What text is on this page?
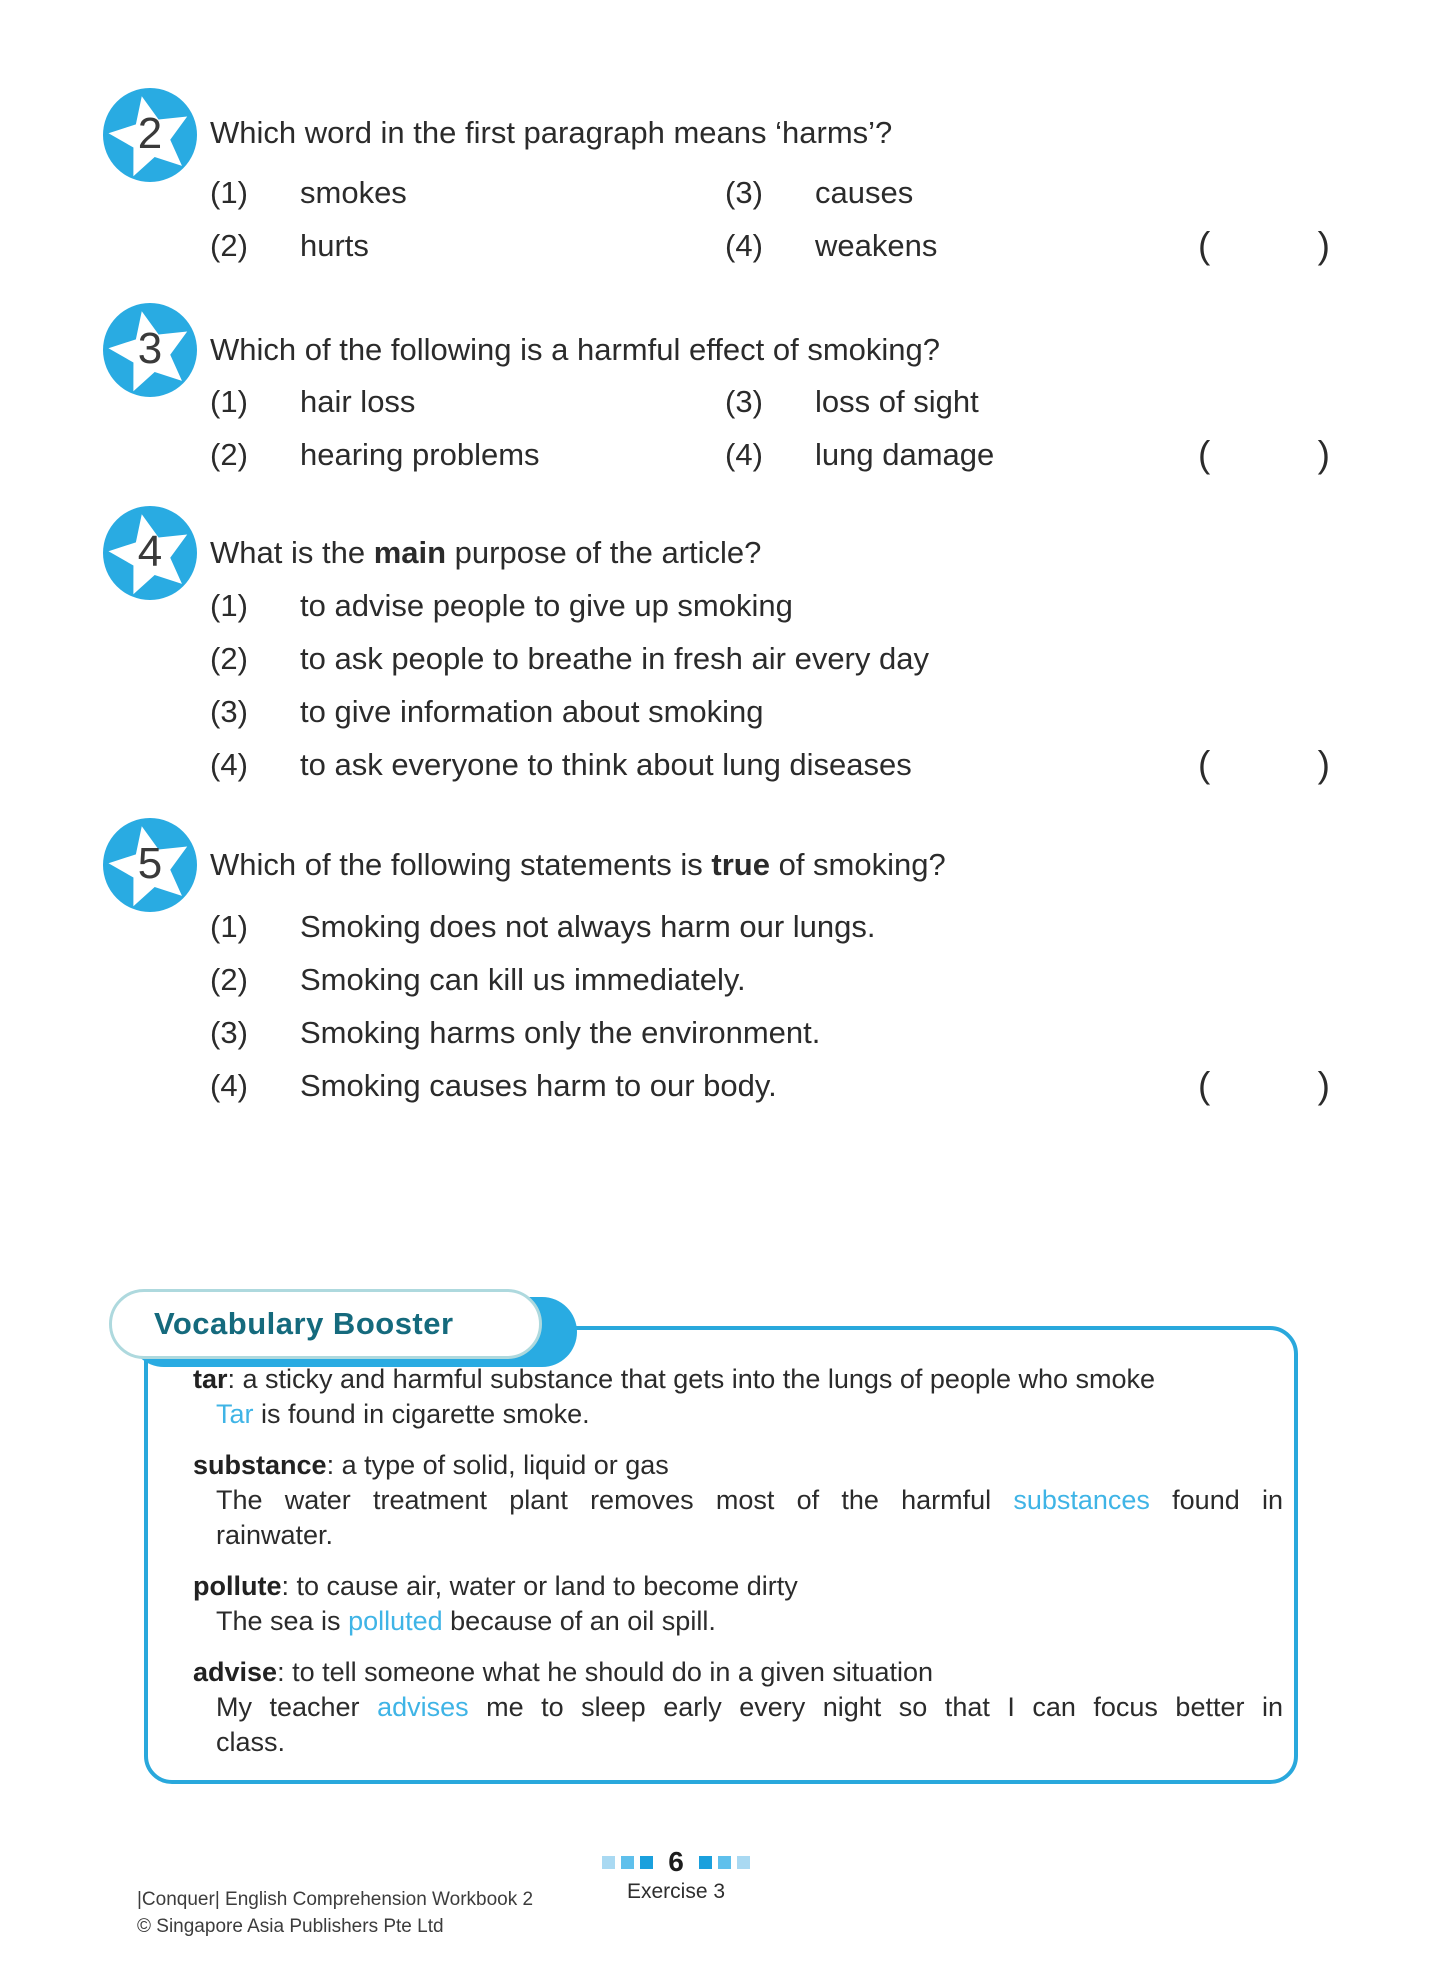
2	Which word in the first paragraph means ‘harms’?
(1)	smokes	(3)	causes
(2)	hurts	(4)	weakens	(	)
3	Which of the following is a harmful effect of smoking?
(1)	hair loss	(3)	loss of sight
(2)	hearing problems	(4)	lung damage	(	)
4	What is the main purpose of the article?
(1)	to advise people to give up smoking
(2)	to ask people to breathe in fresh air every day
(3)	to give information about smoking
(4)	to ask everyone to think about lung diseases	(	)
5	Which of the following statements is true of smoking?
(1)	Smoking does not always harm our lungs.
(2)	Smoking can kill us immediately.
(3)	Smoking harms only the environment.
(4)	Smoking causes harm to our body.	(	)
Vocabulary Booster
tar: a sticky and harmful substance that gets into the lungs of people who smoke
Tar is found in cigarette smoke.
substance: a type of solid, liquid or gas
The water treatment plant removes most of the harmful substances found in
rainwater.
pollute: to cause air, water or land to become dirty
The sea is polluted because of an oil spill.
advise: to tell someone what he should do in a given situation
My teacher advises me to sleep early every night so that I can focus better in
class.
|Conquer| English Comprehension Workbook 2
© Singapore Asia Publishers Pte Ltd
6
Exercise 3
